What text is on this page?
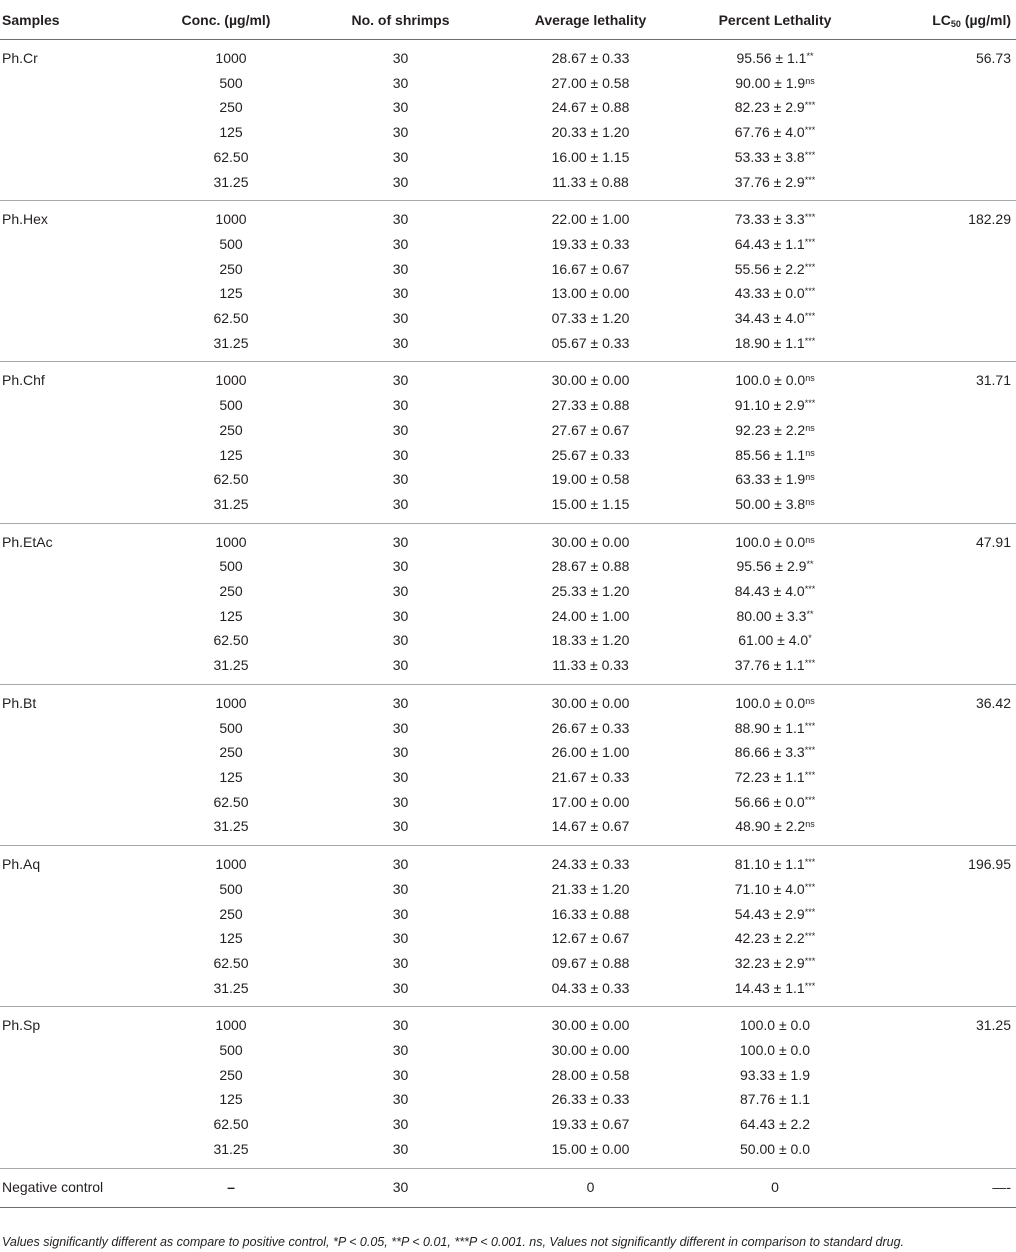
Samples	Conc. (µg/ml)	No. of shrimps	Average lethality	Percent Lethality	$LC_{50}$ (µg/ml)
Ph.Cr	1000	30	28.67 ± 0.33	95.56 ± 1.1**	56.73
	500	30	27.00 ± 0.58	$90.00 \pm 1.9^{ns}$	
	250	30	24.67 ± 0.88	82.23 ± 2.9***	
	125	30	20.33 ± 1.20	67.76 ± 4.0***	
	62.50	30	16.00 ± 1.15	53.33 ± 3.8***	
	31.25	30	11.33 ± 0.88	37.76 ± 2.9***	
Ph.Hex	1000	30	22.00 ± 1.00	73.33 ± 3.3***	182.29
	500	30	19.33 ± 0.33	64.43 ± 1.1***	
	250	30	16.67 ± 0.67	55.56 ± 2.2***	
	125	30	13.00 ± 0.00	43.33 ± 0.0***	
	62.50	30	07.33 ± 1.20	34.43 ± 4.0***	
	31.25	30	05.67 ± 0.33	18.90 ± 1.1***	
Ph.Chf	1000	30	30.00 ± 0.00	$100.0 \pm 0.0^{ns}$	31.71
	500	30	27.33 ± 0.88	91.10 ± 2.9***	
	250	30	27.67 ± 0.67	$92.23 \pm 2.2^{ns}$	
	125	30	25.67 ± 0.33	$85.56 \pm 1.1^{ns}$	
	62.50	30	19.00 ± 0.58	$63.33 \pm 1.9^{ns}$	
	31.25	30	15.00 ± 1.15	$50.00 \pm 3.8^{ns}$	
Ph.EtAc	1000	30	30.00 ± 0.00	$100.0 \pm 0.0^{ns}$	47.91
	500	30	28.67 ± 0.88	95.56 ± 2.9**	
	250	30	25.33 ± 1.20	84.43 ± 4.0***	
	125	30	24.00 ± 1.00	80.00 ± 3.3**	
	62.50	30	18.33 ± 1.20	61.00 ± 4.0*	
	31.25	30	11.33 ± 0.33	37.76 ± 1.1***	
Ph.Bt	1000	30	30.00 ± 0.00	$100.0 \pm 0.0^{ns}$	36.42
	500	30	26.67 ± 0.33	88.90 ± 1.1***	
	250	30	26.00 ± 1.00	86.66 ± 3.3***	
	125	30	21.67 ± 0.33	72.23 ± 1.1***	
	62.50	30	17.00 ± 0.00	56.66 ± 0.0***	
	31.25	30	14.67 ± 0.67	$48.90 \pm 2.2^{ns}$	
Ph.Aq	1000	30	24.33 ± 0.33	81.10 ± 1.1***	196.95
	500	30	21.33 ± 1.20	71.10 ± 4.0***	
	250	30	16.33 ± 0.88	54.43 ± 2.9***	
	125	30	12.67 ± 0.67	42.23 ± 2.2***	
	62.50	30	09.67 ± 0.88	32.23 ± 2.9***	
	31.25	30	04.33 ± 0.33	14.43 ± 1.1***	
Ph.Sp	1000	30	30.00 ± 0.00	100.0 ± 0.0	31.25
	500	30	30.00 ± 0.00	100.0 ± 0.0	
	250	30	28.00 ± 0.58	93.33 ± 1.9	
	125	30	26.33 ± 0.33	87.76 ± 1.1	
	62.50	30	19.33 ± 0.67	64.43 ± 2.2	
	31.25	30	15.00 ± 0.00	50.00 ± 0.0	
Negative control	–	30	0	0	—-
Values significantly different as compare to positive control, *P < 0.05, **P < 0.01, ***P < 0.001. ns, Values not significantly different in comparison to standard drug.
